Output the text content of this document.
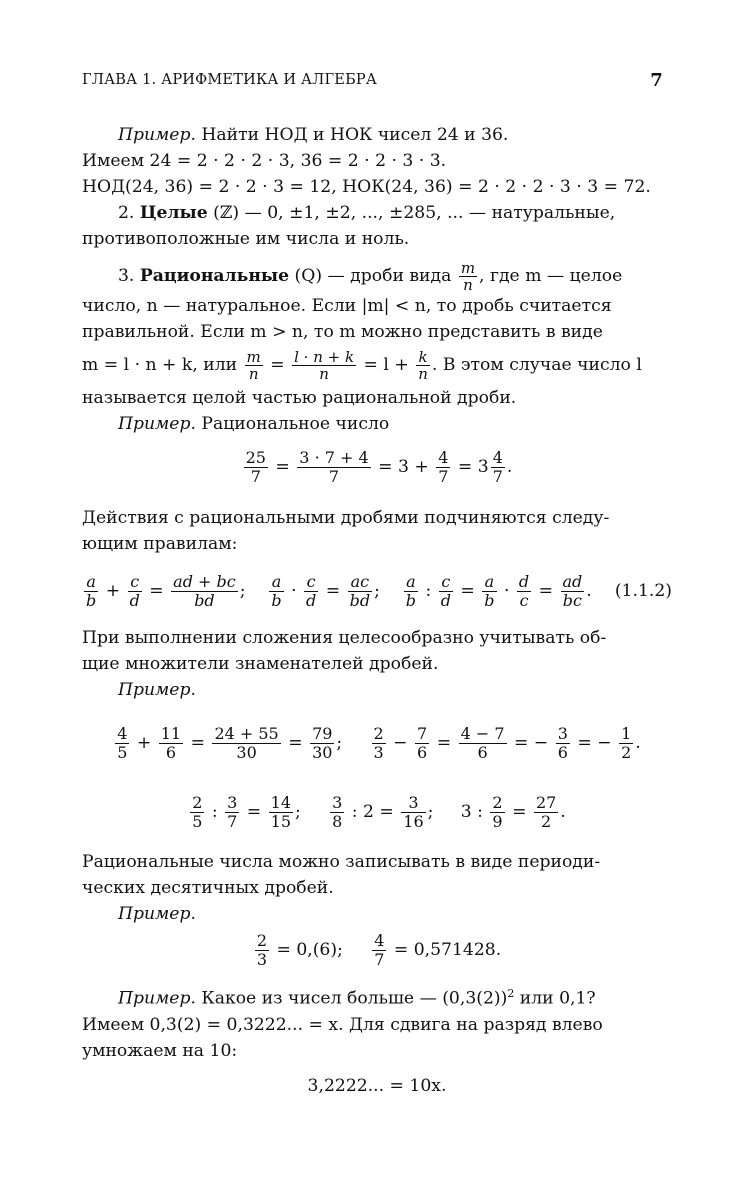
ГЛАВА 1. АРИФМЕТИКА И АЛГЕБРА	7

Пример. Найти НОД и НОК чисел 24 и 36.

Имеем 24 = 2 · 2 · 2 · 3, 36 = 2 · 2 · 3 · 3.

НОД(24, 36) = 2 · 2 · 3 = 12, НОК(24, 36) = 2 · 2 · 2 · 3 · 3 = 72.

2. Целые (ℤ) — 0, ±1, ±2, ..., ±285, ... — натуральные,

противоположные им числа и ноль.

3. Рациональные (Q) — дроби вида $\frac{m}{n}$ , где m — целое

число, n — натуральное. Если |m| < n, то дробь считается

правильной. Если m > n, то m можно представить в виде

m = l · n + k, или $\frac{m}{n} = \frac{l \cdot n + k}{n} = l + \frac{k}{n}$ . В этом случае число l

называется целой частью рациональной дроби.

Пример. Рациональное число

$\frac{25}{7} = \frac{3 \cdot 7 + 4}{7} = 3 + \frac{4}{7} = 3 \frac{4}{7}$ .

Действия с рациональными дробями подчиняются следу-

ющим правилам:

$\frac{a}{b} + \frac{c}{d} = \frac{ad + bc}{bd}$ ; $\frac{a}{b} \cdot \frac{c}{d} = \frac{ac}{bd}$ ; $\frac{a}{b}$ : $\frac{c}{d} = \frac{a}{b} \cdot \frac{d}{c} = \frac{ad}{bc}$ . (1.1.2)

При выполнении сложения целесообразно учитывать об-

щие множители знаменателей дробей.

Пример.

$\frac{4}{5} + \frac{11}{6} = \frac{24 + 55}{30} = \frac{79}{30}$ ; $\frac{2}{3} - \frac{7}{6} = \frac{4 - 7}{6}$ = − $\frac{3}{6}$ = − $\frac{1}{2}$ .
$\frac{2}{5}$ : $\frac{3}{7} = \frac{14}{15}$ ; $\frac{3}{8}$ : $2 = \frac{3}{16}$ ;     3 : $\frac{2}{9} = \frac{27}{2}$ .

Рациональные числа можно записывать в виде периоди-

ческих десятичных дробей.

Пример.

$\frac{2}{3} = 0,(6)$; $\frac{4}{7} = 0,571428$.

Пример. Какое из чисел больше — $(0,3(2))^2$ или 0,1?

Имеем 0,3(2) = 0,3222... = x. Для сдвига на разряд влево

умножаем на 10:

3,2222... = 10x.
